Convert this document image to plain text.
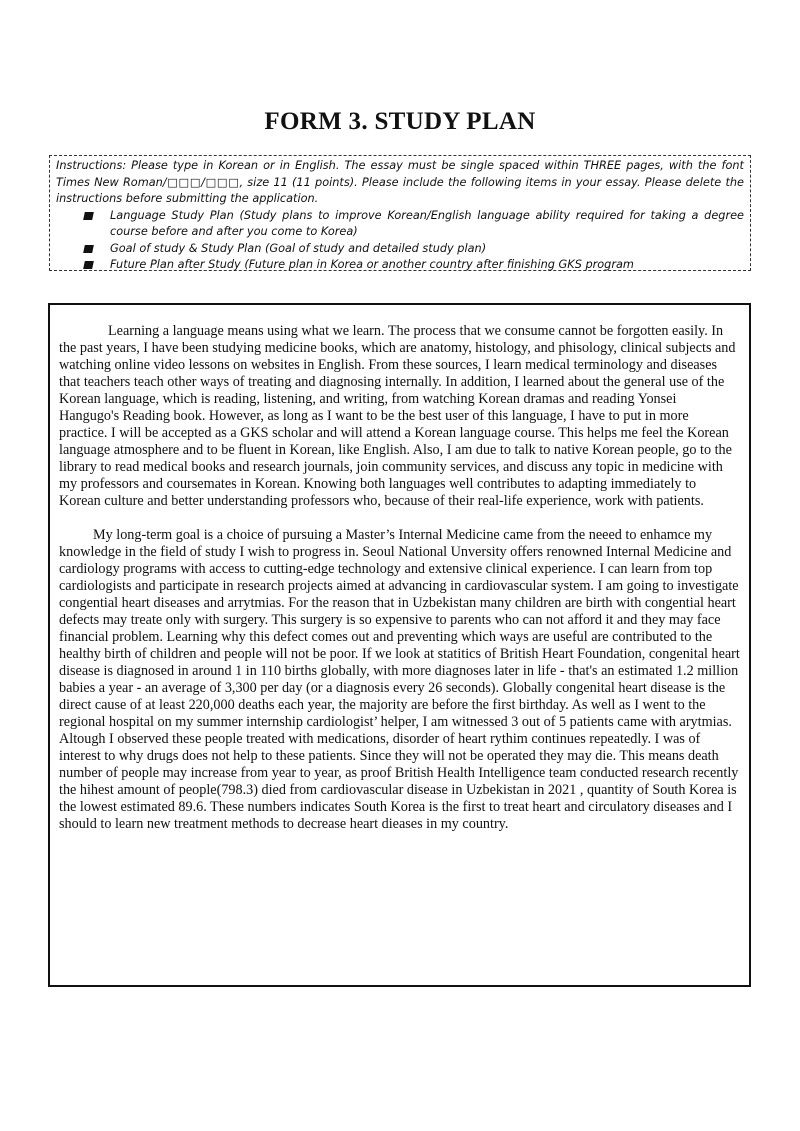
FORM 3. STUDY PLAN

Instructions: Please type in Korean or in English. The essay must be single spaced within THREE pages, with the font Times New Roman/□□□/□□□, size 11 (11 points). Please include the following items in your essay. Please delete the instructions before submitting the application.

Language Study Plan (Study plans to improve Korean/English language ability required for taking a degree course before and after you come to Korea)
Goal of study & Study Plan (Goal of study and detailed study plan)
Future Plan after Study (Future plan in Korea or another country after finishing GKS program

Learning a language means using what we learn. The process that we consume cannot be forgotten easily. In the past years, I have been studying medicine books, which are anatomy, histology, and phisology, clinical subjects and watching online video lessons on websites in English. From these sources, I learn medical terminology and diseases that teachers teach other ways of treating and diagnosing internally. In addition, I learned about the general use of the Korean language, which is reading, listening, and writing, from watching Korean dramas and reading Yonsei Hangugo's Reading book. However, as long as I want to be the best user of this language, I have to put in more practice. I will be accepted as a GKS scholar and will attend a Korean language course. This helps me feel the Korean language atmosphere and to be fluent in Korean, like English. Also, I am due to talk to native Korean people, go to the library to read medical books and research journals, join community services, and discuss any topic in medicine with my professors and coursemates in Korean. Knowing both languages well contributes to adapting immediately to Korean culture and better understanding professors who, because of their real-life experience, work with patients.

My long-term goal is a choice of pursuing a Master’s Internal Medicine came from the neeed to enhamce my knowledge in the field of study I wish to progress in. Seoul National Unversity offers renowned Internal Medicine and cardiology programs with access to cutting-edge technology and extensive clinical experience. I can learn from top cardiologists and participate in research projects aimed at advancing in cardiovascular system. I am going to investigate congential heart diseases and arrytmias. For the reason that in Uzbekistan many children are birth with congential heart defects may treate only with surgery. This surgery is so expensive to parents who can not afford it and they may face financial problem. Learning why this defect comes out and preventing which ways are useful are contributed to the healthy birth of children and people will not be poor. If we look at statitics of British Heart Foundation, congenital heart disease is diagnosed in around 1 in 110 births globally, with more diagnoses later in life - that's an estimated 1.2 million babies a year - an average of 3,300 per day (or a diagnosis every 26 seconds). Globally congenital heart disease is the direct cause of at least 220,000 deaths each year, the majority are before the first birthday. As well as I went to the regional hospital on my summer internship cardiologist’ helper, I am witnessed 3 out of 5 patients came with arytmias. Altough I observed these people treated with medications, disorder of heart rythim continues repeatedly. I was of interest to why drugs does not help to these patients. Since they will not be operated they may die. This means death number of people may increase from year to year, as proof British Health Intelligence team conducted research recently the hihest amount of people(798.3) died from cardiovascular disease in Uzbekistan in 2021 , quantity of South Korea is the lowest estimated 89.6. These numbers indicates South Korea is the first to treat heart and circulatory diseases and I should to learn new treatment methods to decrease heart dieases in my country.
